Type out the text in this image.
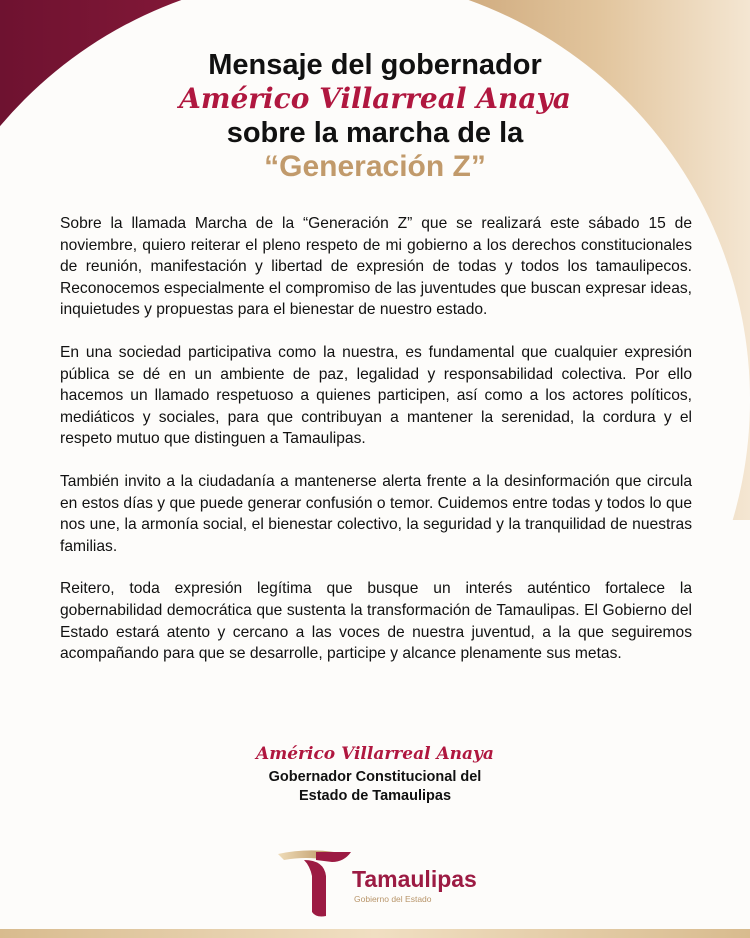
Mensaje del gobernador
Américo Villarreal Anaya
sobre la marcha de la
“Generación Z”

Sobre la llamada Marcha de la “Generación Z” que se realizará este sábado 15 de noviembre, quiero reiterar el pleno respeto de mi gobierno a los derechos constitucionales de reunión, manifestación y libertad de expresión de todas y todos los tamaulipecos. Reconocemos especialmente el compromiso de las juventudes que buscan expresar ideas, inquietudes y propuestas para el bienestar de nuestro estado.

En una sociedad participativa como la nuestra, es fundamental que cualquier expresión pública se dé en un ambiente de paz, legalidad y responsabilidad colectiva. Por ello hacemos un llamado respetuoso a quienes participen, así como a los actores políticos, mediáticos y sociales, para que contribuyan a mantener la serenidad, la cordura y el respeto mutuo que distinguen a Tamaulipas.

También invito a la ciudadanía a mantenerse alerta frente a la desinformación que circula en estos días y que puede generar confusión o temor. Cuidemos entre todas y todos lo que nos une, la armonía social, el bienestar colectivo, la seguridad y la tranquilidad de nuestras familias.

Reitero, toda expresión legítima que busque un interés auténtico fortalece la gobernabilidad democrática que sustenta la transformación de Tamaulipas. El Gobierno del Estado estará atento y cercano a las voces de nuestra juventud, a la que seguiremos acompañando para que se desarrolle, participe y alcance plenamente sus metas.

Américo Villarreal Anaya
Gobernador Constitucional del
Estado de Tamaulipas
Tamaulipas
Gobierno del Estado
